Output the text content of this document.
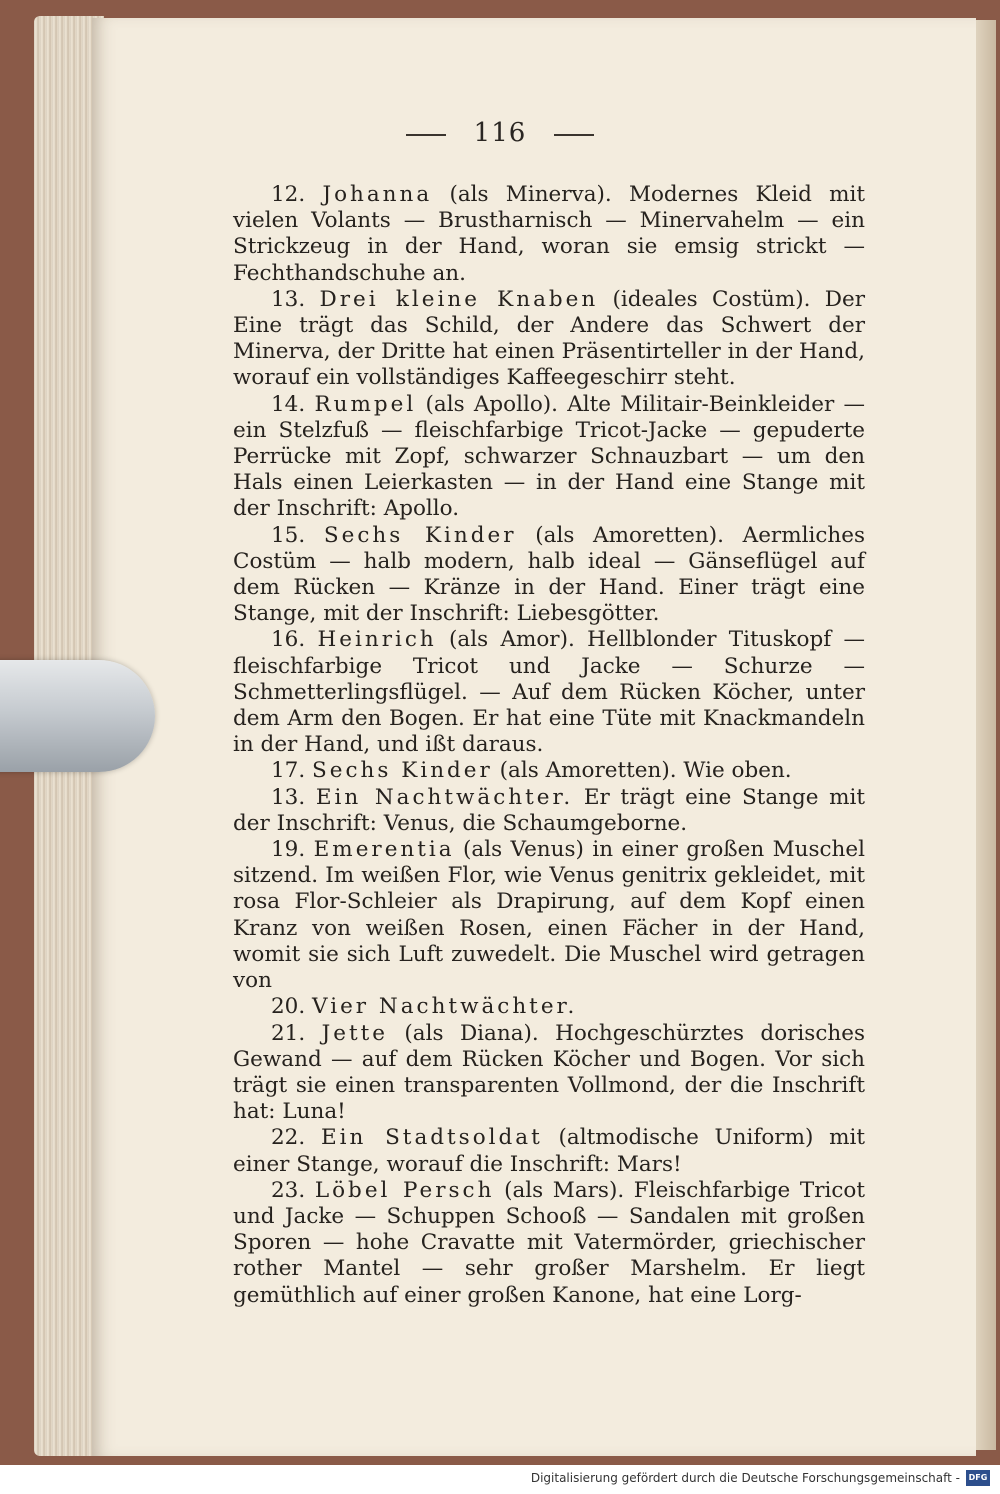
116

12. Johanna (als Minerva). Modernes Kleid mit vielen Volants — Brustharnisch — Minervahelm — ein Strickzeug in der Hand, woran sie emsig strickt — Fechthandschuhe an.

13. Drei kleine Knaben (ideales Costüm). Der Eine trägt das Schild, der Andere das Schwert der Minerva, der Dritte hat einen Präsentirteller in der Hand, worauf ein vollständiges Kaffeegeschirr steht.

14. Rumpel (als Apollo). Alte Militair-Beinkleider — ein Stelzfuß — fleischfarbige Tricot-Jacke — gepuderte Perrücke mit Zopf, schwarzer Schnauzbart — um den Hals einen Leierkasten — in der Hand eine Stange mit der Inschrift: Apollo.

15. Sechs Kinder (als Amoretten). Aermliches Costüm — halb modern, halb ideal — Gänseflügel auf dem Rücken — Kränze in der Hand. Einer trägt eine Stange, mit der Inschrift: Liebesgötter.

16. Heinrich (als Amor). Hellblonder Tituskopf — fleischfarbige Tricot und Jacke — Schurze — Schmetterlingsflügel. — Auf dem Rücken Köcher, unter dem Arm den Bogen. Er hat eine Tüte mit Knackmandeln in der Hand, und ißt daraus.

17. Sechs Kinder (als Amoretten). Wie oben.

13. Ein Nachtwächter. Er trägt eine Stange mit der Inschrift: Venus, die Schaumgeborne.

19. Emerentia (als Venus) in einer großen Muschel sitzend. Im weißen Flor, wie Venus genitrix gekleidet, mit rosa Flor-Schleier als Drapirung, auf dem Kopf einen Kranz von weißen Rosen, einen Fächer in der Hand, womit sie sich Luft zuwedelt. Die Muschel wird getragen von

20. Vier Nachtwächter.

21. Jette (als Diana). Hochgeschürztes dorisches Gewand — auf dem Rücken Köcher und Bogen. Vor sich trägt sie einen transparenten Vollmond, der die Inschrift hat: Luna!

22. Ein Stadtsoldat (altmodische Uniform) mit einer Stange, worauf die Inschrift: Mars!

23. Löbel Persch (als Mars). Fleischfarbige Tricot und Jacke — Schuppen Schooß — Sandalen mit großen Sporen — hohe Cravatte mit Vatermörder, griechischer rother Mantel — sehr großer Marshelm. Er liegt gemüthlich auf einer großen Kanone, hat eine Lorg-

Digitalisierung gefördert durch die Deutsche Forschungsgemeinschaft -	DFG
